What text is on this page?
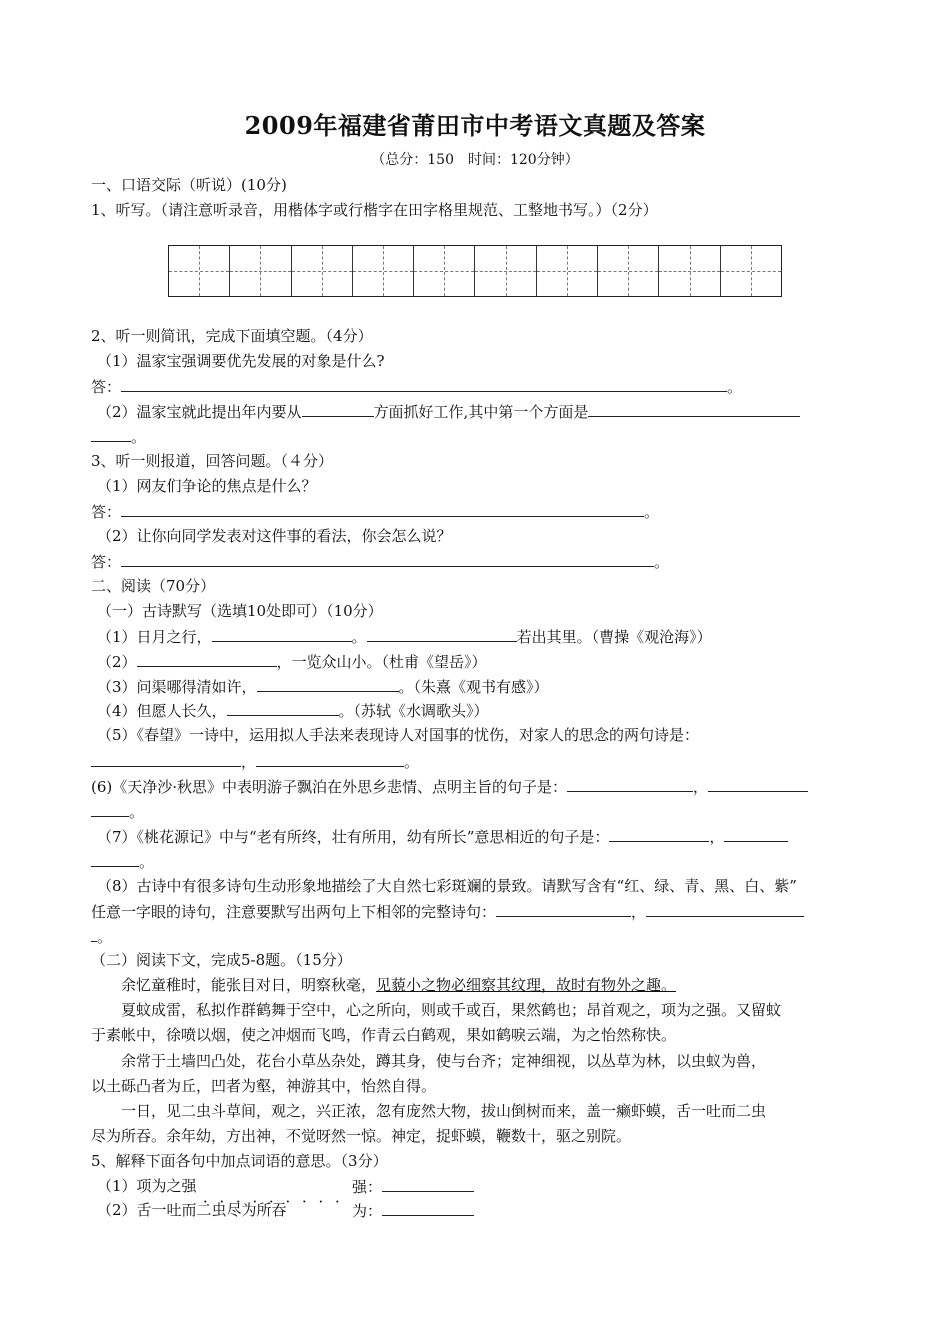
2009年福建省莆田市中考语文真题及答案
（总分：150　时间：120分钟）
一、口语交际（听说）(10分)
1、听写。（请注意听录音，用楷体字或行楷字在田字格里规范、工整地书写。）（2分）
2、听一则简讯，完成下面填空题。（4分）
（1）温家宝强调要优先发展的对象是什么?
答：	。
（2）温家宝就此提出年内要从	方面抓好工作,其中第一个方面是
。
3、听一则报道，回答问题。（４分）
（1）网友们争论的焦点是什么？
答：	。
（2）让你向同学发表对这件事的看法，你会怎么说？
答：	。
二、阅读（70分）
（一）古诗默写（选填10处即可）（10分）
（1）日月之行，	。	若出其里。（曹操《观沧海》）
（2）	，一览众山小。（杜甫《望岳》）
（3）问渠哪得清如许，	。（朱熹《观书有感》）
（4）但愿人长久，	。（苏轼《水调歌头》）
（5）《春望》一诗中，运用拟人手法来表现诗人对国事的忧伤，对家人的思念的两句诗是：
，	。
(6)《天净沙·秋思》中表明游子飘泊在外思乡悲情、点明主旨的句子是：	，
。
（7）《桃花源记》中与“老有所终，壮有所用，幼有所长”意思相近的句子是：	，
。
（8）古诗中有很多诗句生动形象地描绘了大自然七彩斑斓的景致。请默写含有“红、绿、青、黑、白、紫”
任意一字眼的诗句，注意要默写出两句上下相邻的完整诗句：	，
。
（二）阅读下文，完成5-8题。（15分）
余忆童稚时，能张目对日，明察秋毫，见藐小之物必细察其纹理，故时有物外之趣。
夏蚊成雷，私拟作群鹤舞于空中，心之所向，则或千或百，果然鹤也；昂首观之，项为之强。又留蚊
于素帐中，徐喷以烟，使之冲烟而飞鸣，作青云白鹤观，果如鹤唳云端，为之怡然称快。
余常于土墙凹凸处，花台小草丛杂处，蹲其身，使与台齐；定神细视，以丛草为林，以虫蚁为兽，
以土砾凸者为丘，凹者为壑，神游其中，怡然自得。
一日，见二虫斗草间，观之，兴正浓，忽有庞然大物，拔山倒树而来，盖一癞虾蟆，舌一吐而二虫
尽为所吞。余年幼，方出神，不觉呀然一惊。神定，捉虾蟆，鞭数十，驱之别院。
5、解释下面各句中加点词语的意思。（3分）
（1）项为之强
．．．．．．．．．
强：
（2）舌一吐而二虫尽为所吞	为：
